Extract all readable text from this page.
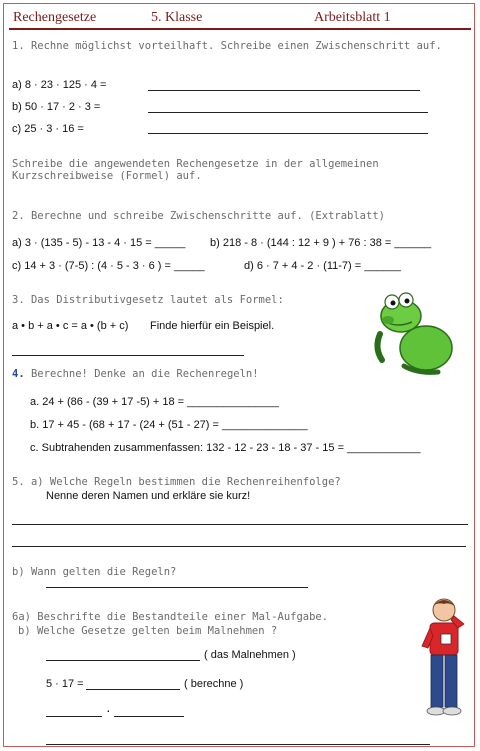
Rechengesetze	5. Klasse	Arbeitsblatt 1
1. Rechne möglichst vorteilhaft. Schreibe einen Zwischenschritt auf.
a) 8 · 23 · 125 · 4 =
b) 50 · 17 · 2 · 3 =
c) 25 · 3 · 16 =
Schreibe die angewendeten Rechengesetze in der allgemeinen Kurzschreibweise (Formel) auf.
2. Berechne und schreibe Zwischenschritte auf. (Extrablatt)
a) 3 · (135 - 5) - 13 - 4 · 15 = _____ b) 218 - 8 · (144 : 12 + 9 ) + 76 : 38 = ______
c) 14 + 3 · (7-5) : (4 · 5 - 3 · 6 ) = _____	d) 6 · 7 + 4 - 2 · (11-7) = ______
3. Das Distributivgesetz lautet als Formel:
a • b + a • c = a • (b + c) Finde hierfür ein Beispiel.
4. Berechne! Denke an die Rechenregeln!
a. 24 + (86 - (39 + 17 -5) + 18 = _______________
b. 17 + 45 - (68 + 17 - (24 + (51 - 27) = ______________
c. Subtrahenden zusammenfassen: 132 - 12 - 23 - 18 - 37 - 15 = ____________
5. a) Welche Regeln bestimmen die Rechenreihenfolge?
Nenne deren Namen und erkläre sie kurz!
b) Wann gelten die Regeln?
6a) Beschrifte die Bestandteile einer Mal-Aufgabe.
b) Welche Gesetze gelten beim Malnehmen ?
( das Malnehmen )
5 · 17 =	( berechne )
·
